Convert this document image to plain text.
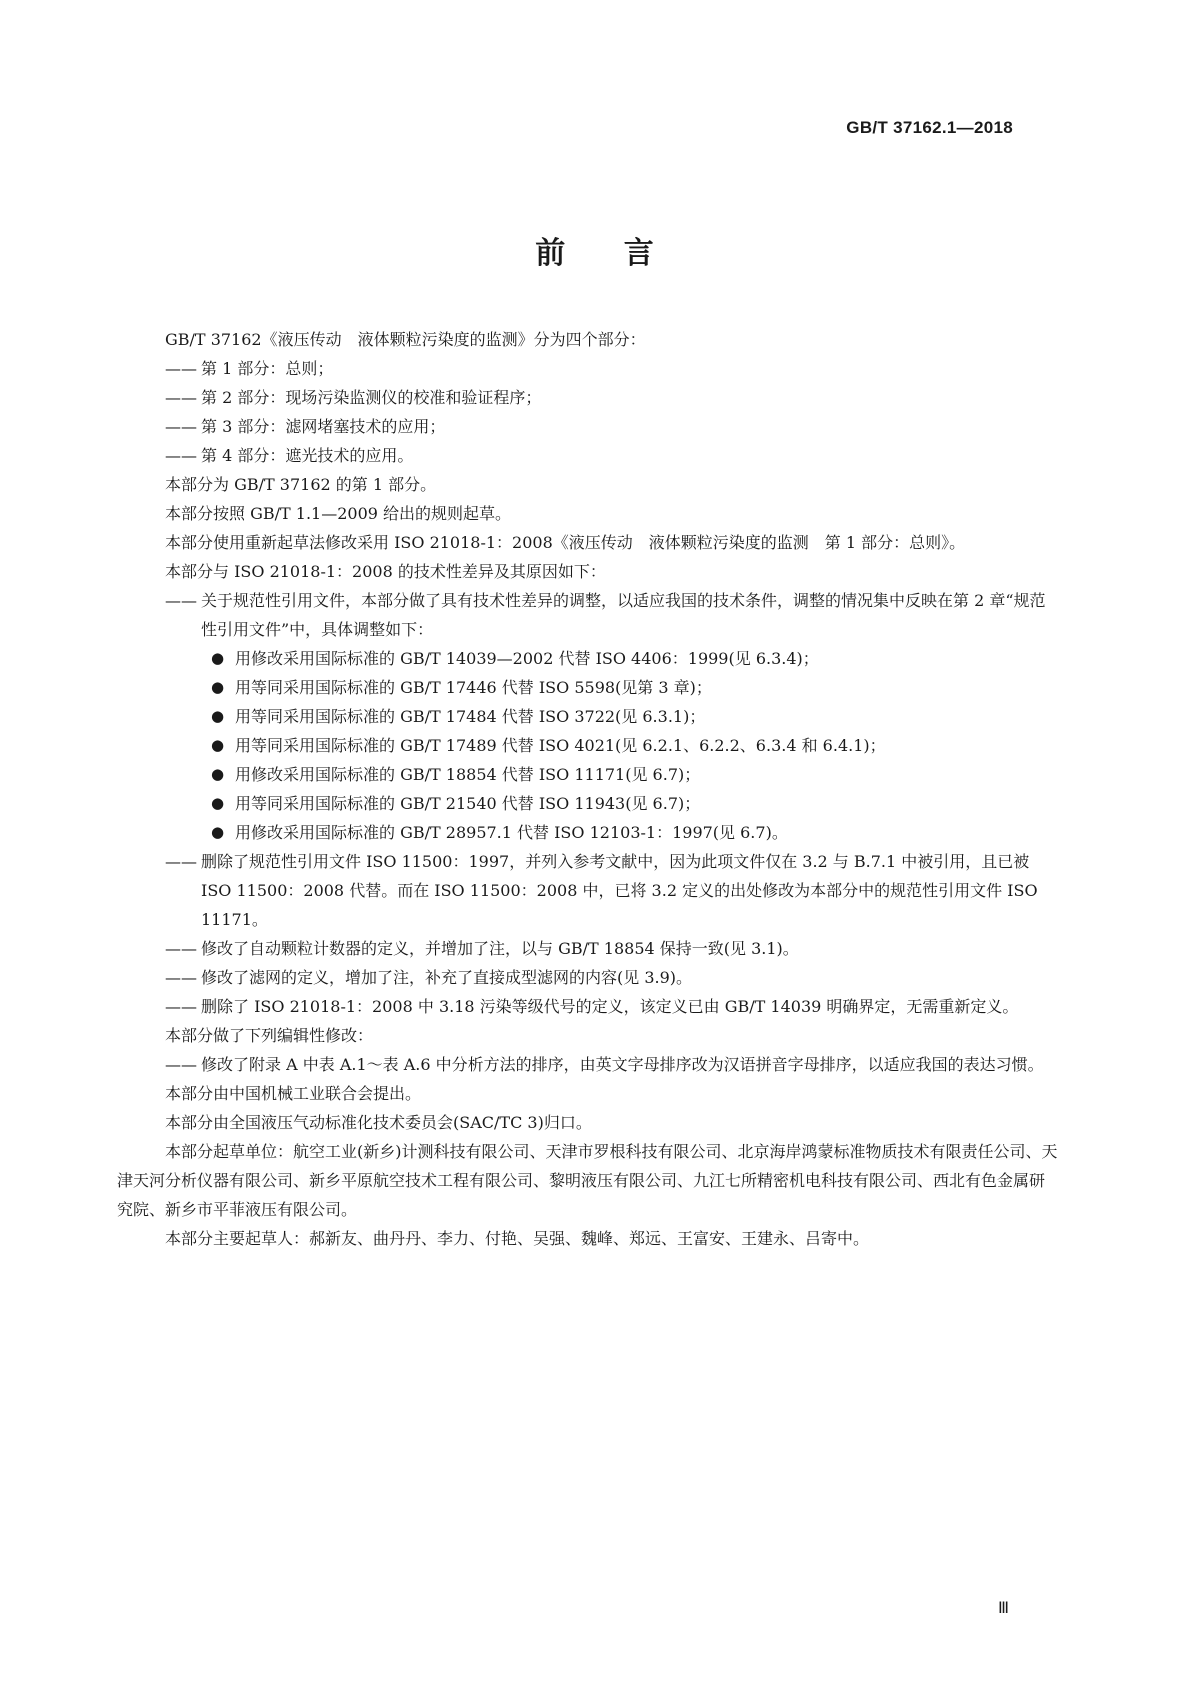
GB/T 37162.1—2018
前 言

GB/T 37162《液压传动　液体颗粒污染度的监测》分为四个部分：

—— 第 1 部分：总则；

—— 第 2 部分：现场污染监测仪的校准和验证程序；

—— 第 3 部分：滤网堵塞技术的应用；

—— 第 4 部分：遮光技术的应用。

本部分为 GB/T 37162 的第 1 部分。

本部分按照 GB/T 1.1—2009 给出的规则起草。

本部分使用重新起草法修改采用 ISO 21018-1：2008《液压传动　液体颗粒污染度的监测　第 1 部分：总则》。

本部分与 ISO 21018-1：2008 的技术性差异及其原因如下：

—— 关于规范性引用文件，本部分做了具有技术性差异的调整，以适应我国的技术条件，调整的情况集中反映在第 2 章“规范性引用文件”中，具体调整如下：

● 用修改采用国际标准的 GB/T 14039—2002 代替 ISO 4406：1999(见 6.3.4)；
● 用等同采用国际标准的 GB/T 17446 代替 ISO 5598(见第 3 章)；
● 用等同采用国际标准的 GB/T 17484 代替 ISO 3722(见 6.3.1)；
● 用等同采用国际标准的 GB/T 17489 代替 ISO 4021(见 6.2.1、6.2.2、6.3.4 和 6.4.1)；
● 用修改采用国际标准的 GB/T 18854 代替 ISO 11171(见 6.7)；
● 用等同采用国际标准的 GB/T 21540 代替 ISO 11943(见 6.7)；
● 用修改采用国际标准的 GB/T 28957.1 代替 ISO 12103-1：1997(见 6.7)。

—— 删除了规范性引用文件 ISO 11500：1997，并列入参考文献中，因为此项文件仅在 3.2 与 B.7.1 中被引用，且已被 ISO 11500：2008 代替。而在 ISO 11500：2008 中，已将 3.2 定义的出处修改为本部分中的规范性引用文件 ISO 11171。

—— 修改了自动颗粒计数器的定义，并增加了注，以与 GB/T 18854 保持一致(见 3.1)。

—— 修改了滤网的定义，增加了注，补充了直接成型滤网的内容(见 3.9)。

—— 删除了 ISO 21018-1：2008 中 3.18 污染等级代号的定义，该定义已由 GB/T 14039 明确界定，无需重新定义。

本部分做了下列编辑性修改：

—— 修改了附录 A 中表 A.1～表 A.6 中分析方法的排序，由英文字母排序改为汉语拼音字母排序，以适应我国的表达习惯。

本部分由中国机械工业联合会提出。

本部分由全国液压气动标准化技术委员会(SAC/TC 3)归口。

本部分起草单位：航空工业(新乡)计测科技有限公司、天津市罗根科技有限公司、北京海岸鸿蒙标准物质技术有限责任公司、天津天河分析仪器有限公司、新乡平原航空技术工程有限公司、黎明液压有限公司、九江七所精密机电科技有限公司、西北有色金属研究院、新乡市平菲液压有限公司。

本部分主要起草人：郝新友、曲丹丹、李力、付艳、吴强、魏峰、郑远、王富安、王建永、吕寄中。

Ⅲ
